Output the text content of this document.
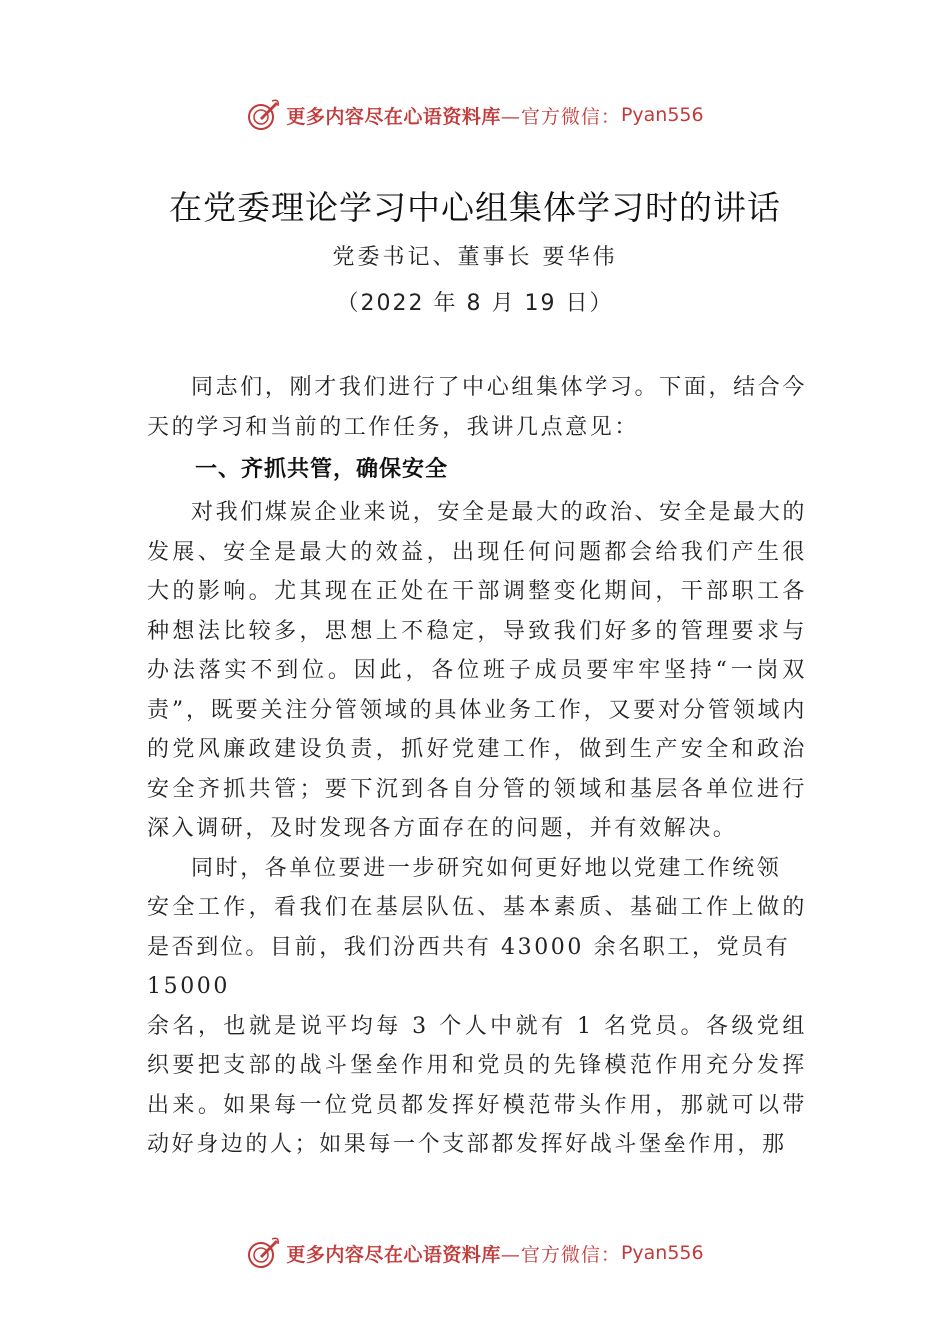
更多内容尽在心语资料库 —官方微信： Pyan556
在党委理论学习中心组集体学习时的讲话
党委书记、董事长 要华伟
（2022 年 8 月 19 日）

同志们，刚才我们进行了中心组集体学习。下面，结合今天的学习和当前的工作任务，我讲几点意见：

一、齐抓共管，确保安全

对我们煤炭企业来说，安全是最大的政治、安全是最大的发展、安全是最大的效益，出现任何问题都会给我们产生很大的影响。尤其现在正处在干部调整变化期间，干部职工各种想法比较多，思想上不稳定，导致我们好多的管理要求与办法落实不到位。因此，各位班子成员要牢牢坚持“一岗双责”，既要关注分管领域的具体业务工作，又要对分管领域内的党风廉政建设负责，抓好党建工作，做到生产安全和政治安全齐抓共管；要下沉到各自分管的领域和基层各单位进行深入调研，及时发现各方面存在的问题，并有效解决。

同时，各单位要进一步研究如何更好地以党建工作统领

安全工作，看我们在基层队伍、基本素质、基础工作上做的是否到位。目前，我们汾西共有 43000 余名职工，党员有

15000

余名，也就是说平均每 3 个人中就有 1 名党员。各级党组织要把支部的战斗堡垒作用和党员的先锋模范作用充分发挥出来。如果每一位党员都发挥好模范带头作用，那就可以带动好身边的人；如果每一个支部都发挥好战斗堡垒作用，那

更多内容尽在心语资料库 —官方微信： Pyan556
